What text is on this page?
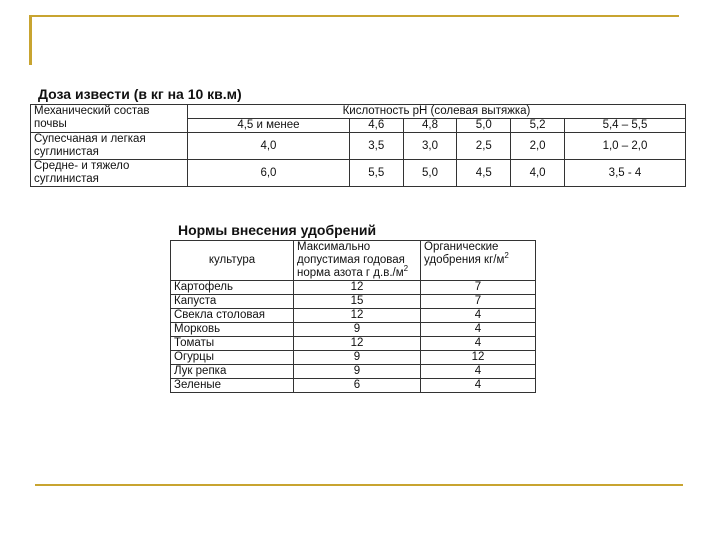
Доза извести (в кг на 10 кв.м)
Механический состав почвы	Кислотность pH (солевая вытяжка)					
	4,5 и менее	4,6	4,8	5,0	5,2	5,4 – 5,5
Супесчаная и легкая суглинистая	4,0	3,5	3,0	2,5	2,0	1,0 – 2,0
Средне- и тяжело суглинистая	6,0	5,5	5,0	4,5	4,0	3,5 - 4
Нормы внесения удобрений
культура	Максимально допустимая годовая норма азота г $д.в./м^2$	Органические удобрения $кг/м^2$
Картофель	12	7
Капуста	15	7
Свекла столовая	12	4
Морковь	9	4
Томаты	12	4
Огурцы	9	12
Лук репка	9	4
Зеленые	6	4
